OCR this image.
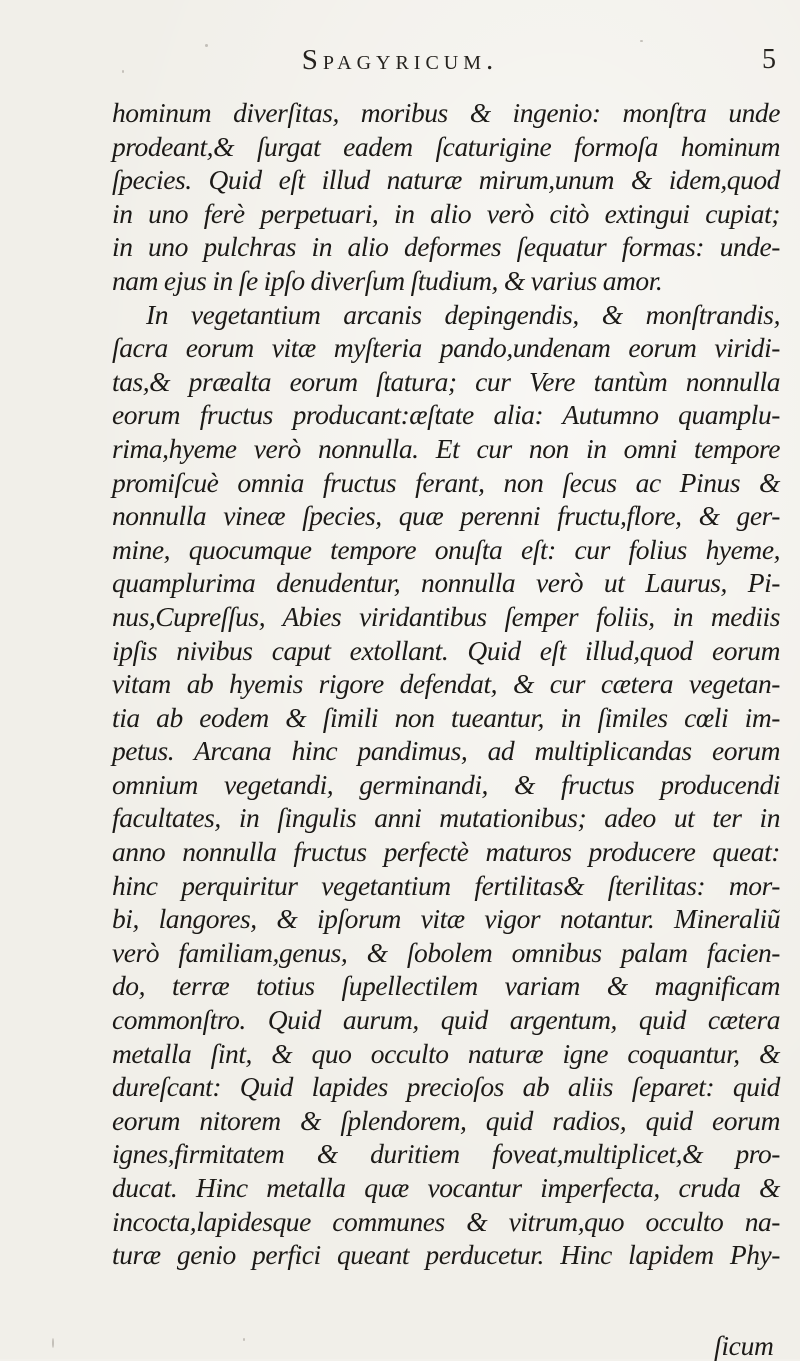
Spagyricum.	5
hominum diverſitas, moribus & ingenio: monſtra unde
prodeant,& ſurgat eadem ſcaturigine formoſa hominum
ſpecies. Quid eſt illud naturæ mirum,unum & idem,quod
in uno ferè perpetuari, in alio verò citò extingui cupiat;
in uno pulchras in alio deformes ſequatur formas: unde-
nam ejus in ſe ipſo diverſum ſtudium, & varius amor.
In vegetantium arcanis depingendis, & monſtrandis,
ſacra eorum vitæ myſteria pando,undenam eorum viridi-
tas,& præalta eorum ſtatura; cur Vere tantùm nonnulla
eorum fructus producant:æſtate alia: Autumno quamplu-
rima,hyeme verò nonnulla. Et cur non in omni tempore
promiſcuè omnia fructus ferant, non ſecus ac Pinus &
nonnulla vineæ ſpecies, quæ perenni fructu,flore, & ger-
mine, quocumque tempore onuſta eſt: cur folius hyeme,
quamplurima denudentur, nonnulla verò ut Laurus, Pi-
nus,Cupreſſus, Abies viridantibus ſemper foliis, in mediis
ipſis nivibus caput extollant. Quid eſt illud,quod eorum
vitam ab hyemis rigore defendat, & cur cætera vegetan-
tia ab eodem & ſimili non tueantur, in ſimiles cœli im-
petus. Arcana hinc pandimus, ad multiplicandas eorum
omnium vegetandi, germinandi, & fructus producendi
facultates, in ſingulis anni mutationibus; adeo ut ter in
anno nonnulla fructus perfectè maturos producere queat:
hinc perquiritur vegetantium fertilitas& ſterilitas: mor-
bi, langores, & ipſorum vitæ vigor notantur. Mineraliũ
verò familiam,genus, & ſobolem omnibus palam facien-
do, terræ totius ſupellectilem variam & magnificam
commonſtro. Quid aurum, quid argentum, quid cætera
metalla ſint, & quo occulto naturæ igne coquantur, &
dureſcant: Quid lapides precioſos ab aliis ſeparet: quid
eorum nitorem & ſplendorem, quid radios, quid eorum
ignes,firmitatem & duritiem foveat,multiplicet,& pro-
ducat. Hinc metalla quæ vocantur imperfecta, cruda &
incocta,lapidesque communes & vitrum,quo occulto na-
turæ genio perfici queant perducetur. Hinc lapidem Phy-
ſicum
